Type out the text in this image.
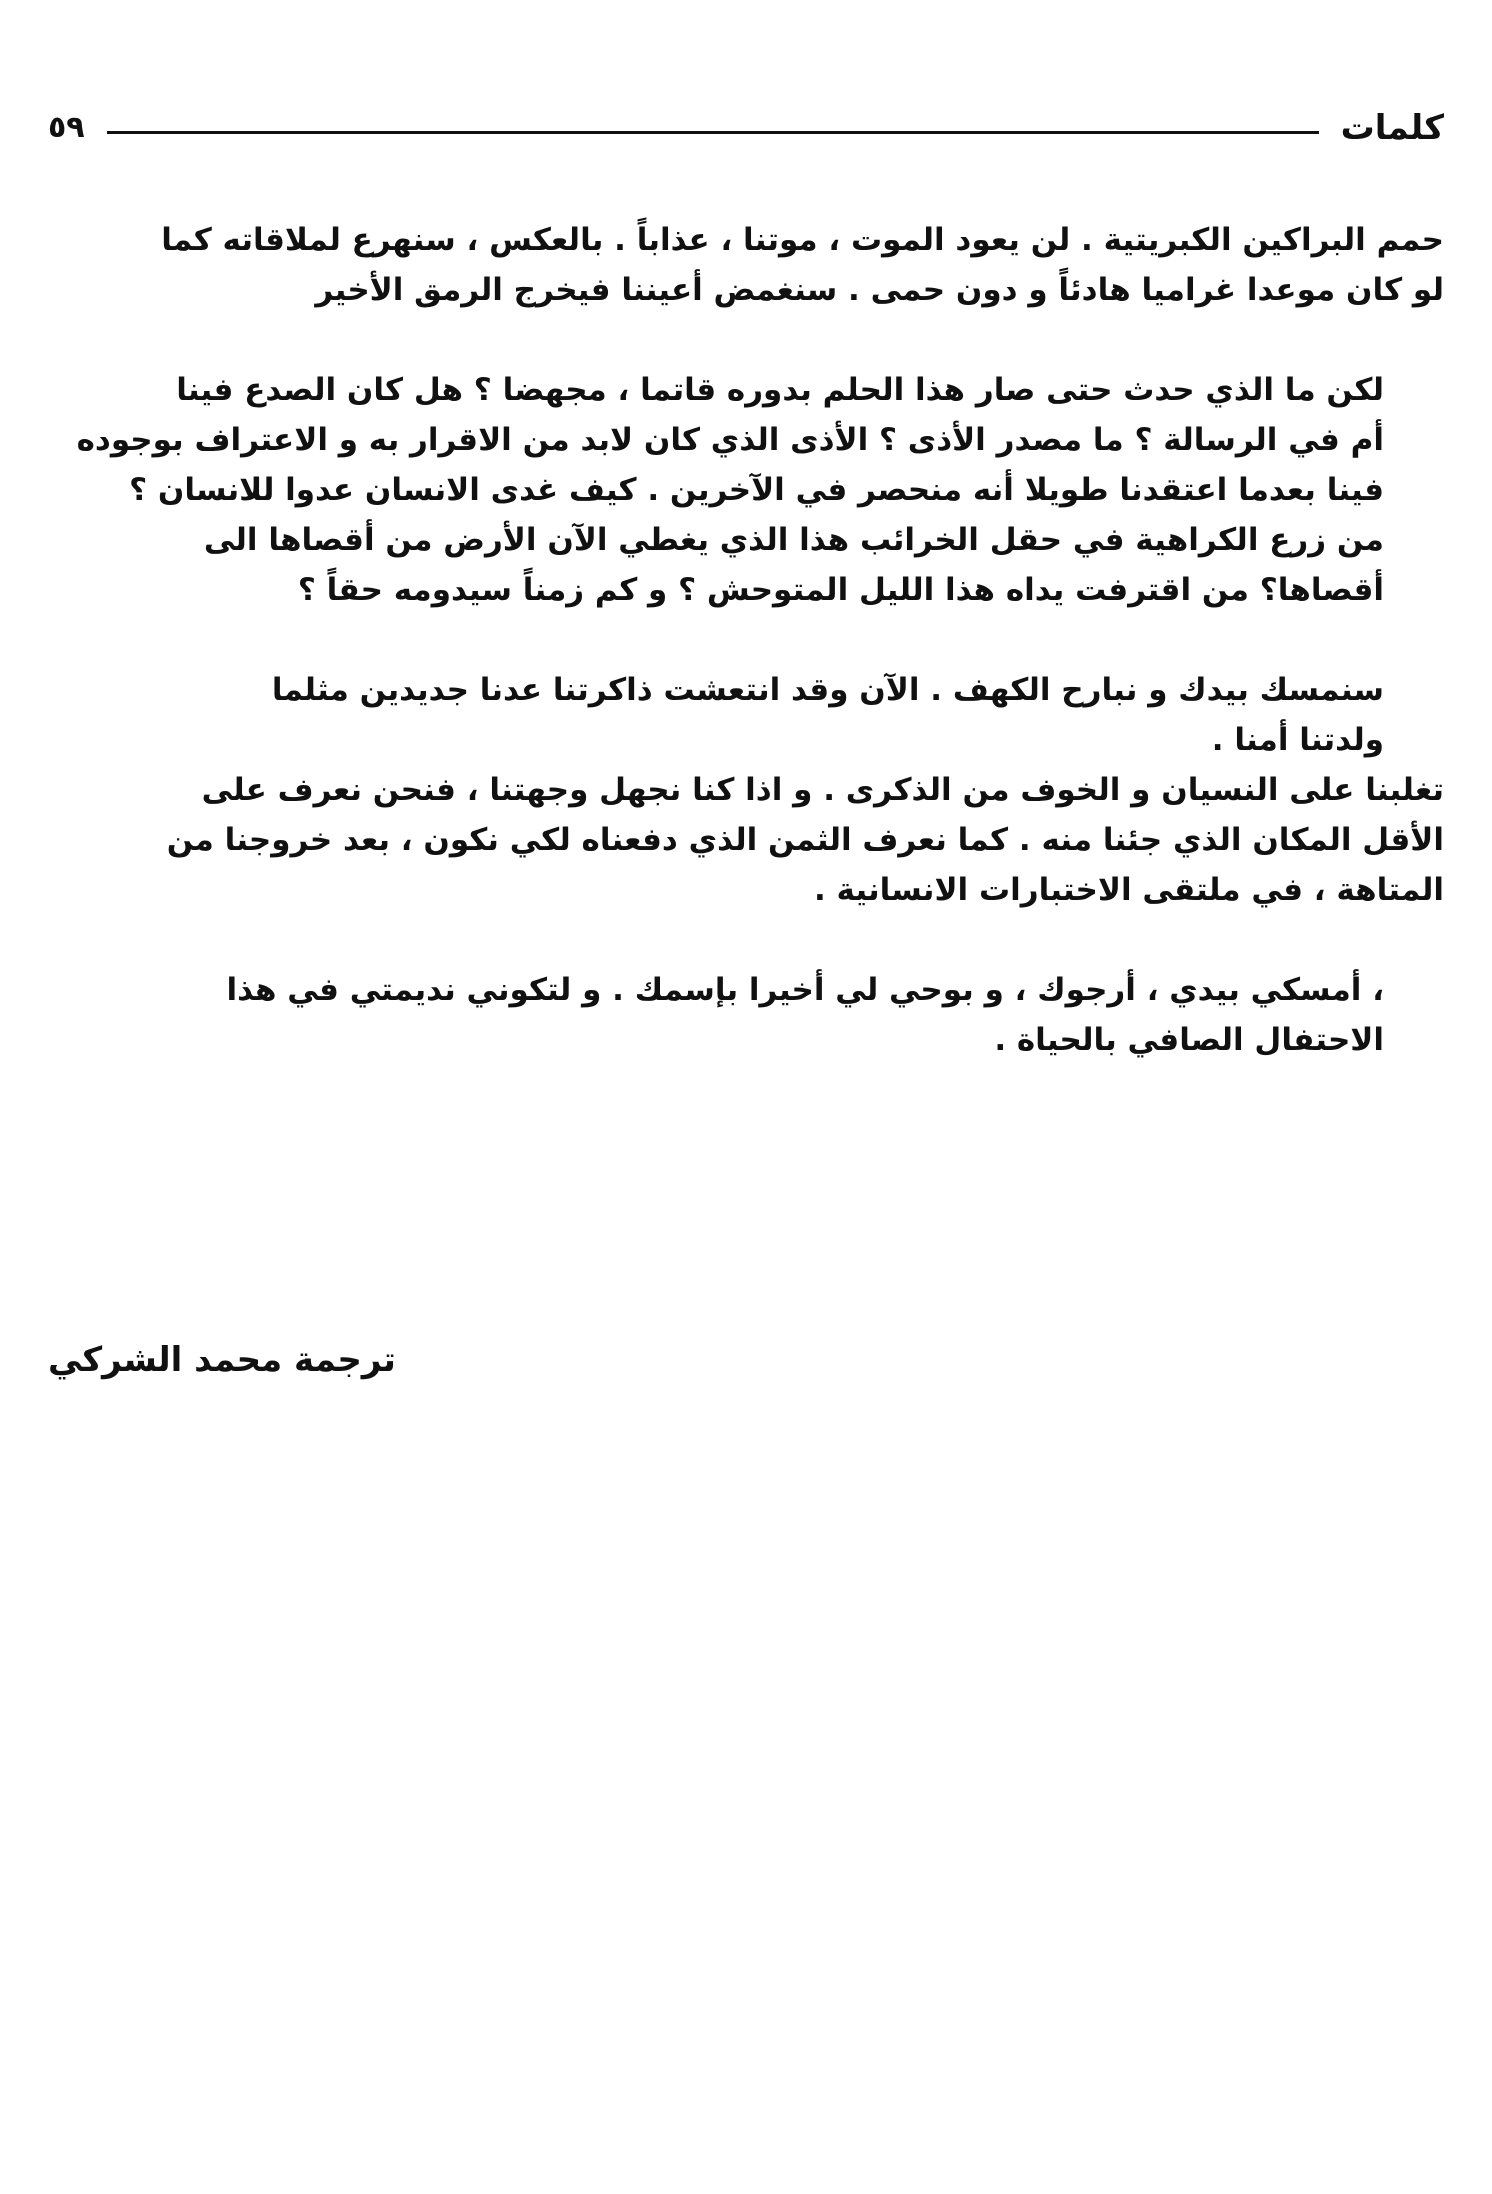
كلمات
٥٩

حمم البراكين الكبريتية . لن يعود الموت ، موتنا ، عذاباً . بالعكس ، سنهرع لملاقاته كما
لو كان موعدا غراميا هادئاً و دون حمى . سنغمض أعيننا فيخرج الرمق الأخير

لكن ما الذي حدث حتى صار هذا الحلم بدوره قاتما ، مجهضا ؟ هل كان الصدع فينا
أم في الرسالة ؟ ما مصدر الأذى ؟ الأذى الذي كان لابد من الاقرار به و الاعتراف بوجوده
فينا بعدما اعتقدنا طويلا أنه منحصر في الآخرين . كيف غدى الانسان عدوا للانسان ؟
من زرع الكراهية في حقل الخرائب هذا الذي يغطي الآن الأرض من أقصاها الى
أقصاها؟ من اقترفت يداه هذا الليل المتوحش ؟ و كم زمناً سيدومه حقاً ؟

سنمسك بيدك و نبارح الكهف . الآن وقد انتعشت ذاكرتنا عدنا جديدين مثلما
ولدتنا أمنا .

تغلبنا على النسيان و الخوف من الذكرى . و اذا كنا نجهل وجهتنا ، فنحن نعرف على
الأقل المكان الذي جئنا منه . كما نعرف الثمن الذي دفعناه لكي نكون ، بعد خروجنا من
المتاهة ، في ملتقى الاختبارات الانسانية .

، أمسكي بيدي ، أرجوك ، و بوحي لي أخيرا بإسمك . و لتكوني نديمتي في هذا
الاحتفال الصافي بالحياة .

ترجمة محمد الشركي
